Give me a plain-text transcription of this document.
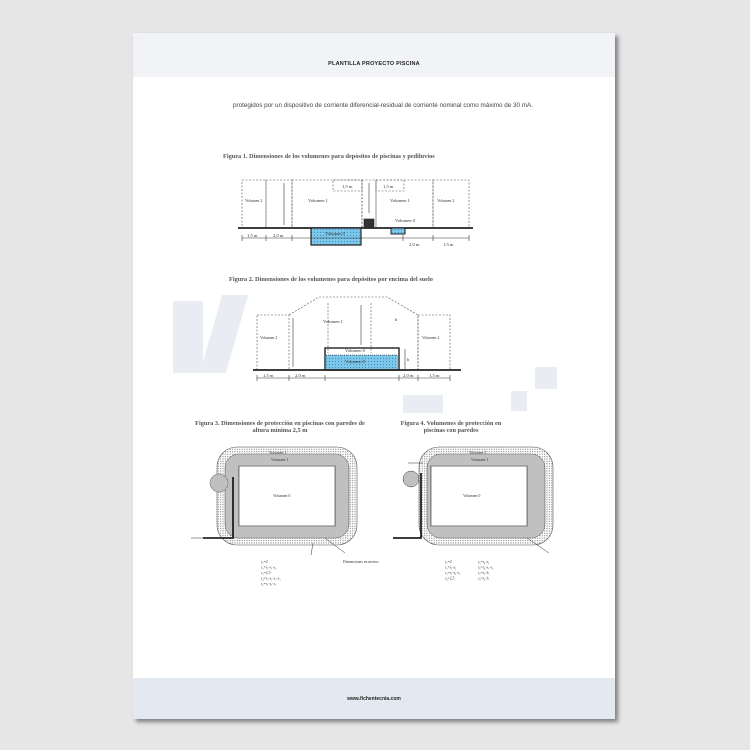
PLANTILLA PROYECTO PISCINA
protegidos por un dispositivo de corriente diferencial-residual de corriente nominal como máximo de 30 mA.
Figura 1. Dimensiones de los volumenes para depósitos de piscinas y pediluvios
Figura 2. Dimensiones de los volumenes para depósitos por encima del suelo
Figura 3. Dimensiones de protección en piscinas con paredes de altura mínima 2,5 m
Figura 4. Volumenes de protección en piscinas con paredes
Volumen 2	Volumen 1	Volumen 1	Volumen 2
Volumen 0
Volumen 0
1,5 m	1,5 m
1,5 m	2,0 m
2,0 m	1,5 m
Volumen 2
Volumen 1
Volumen 2
Volumen 0
Volumen 0	h
h
1,5 m	2,0 m	2,0 m	1,5 m
Volumen 2
Volumen 1
Volumen 0
r₁=2
r₂=r₁-s₁-s₂
r₃=2,5
r₄=r₃-s₁-s₂-s₃
r₅=r₃-s₁-s₂
Volumen 2
Volumen 1
Volumen 0
r₁=2
r₂=r₁-s₁
r₃=r₁-s₁-s₂
r₄=2,5
r₅=r₄-s₁
r₆=r₄-s₁-s₂
r₇=r₁-h
r₈=r₄-h
Dimensiones en metros
www.fichentecnia.com
